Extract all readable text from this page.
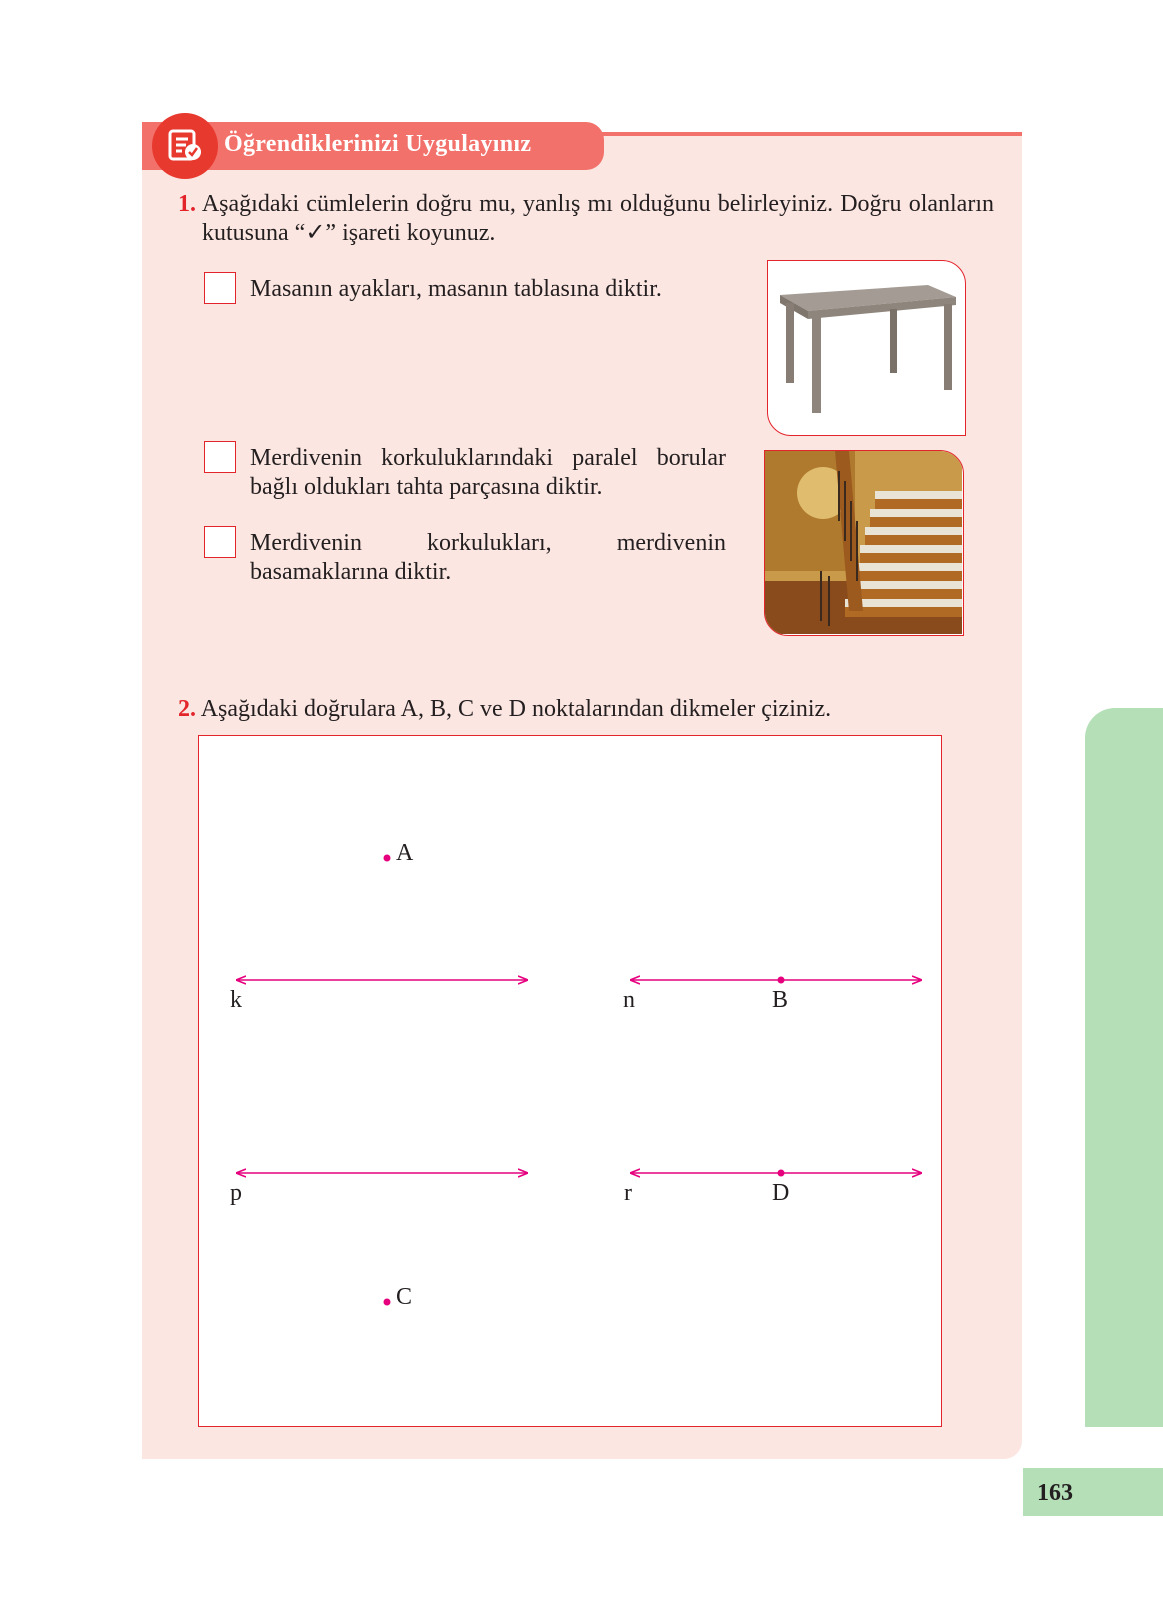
Öğrendiklerinizi Uygulayınız
1. Aşağıdaki cümlelerin doğru mu, yanlış mı olduğunu belirleyiniz. Doğru olanların kutusuna “✓” işareti koyunuz.
Masanın ayakları, masanın tablasına diktir.
Merdivenin korkuluklarındaki paralel borular bağlı oldukları tahta parçasına diktir.
Merdivenin korkulukları, merdivenin basamaklarına diktir.
2. Aşağıdaki doğrulara A, B, C ve D noktalarından dikmeler çiziniz.
A
B
C
D
k	n
p	r
163
